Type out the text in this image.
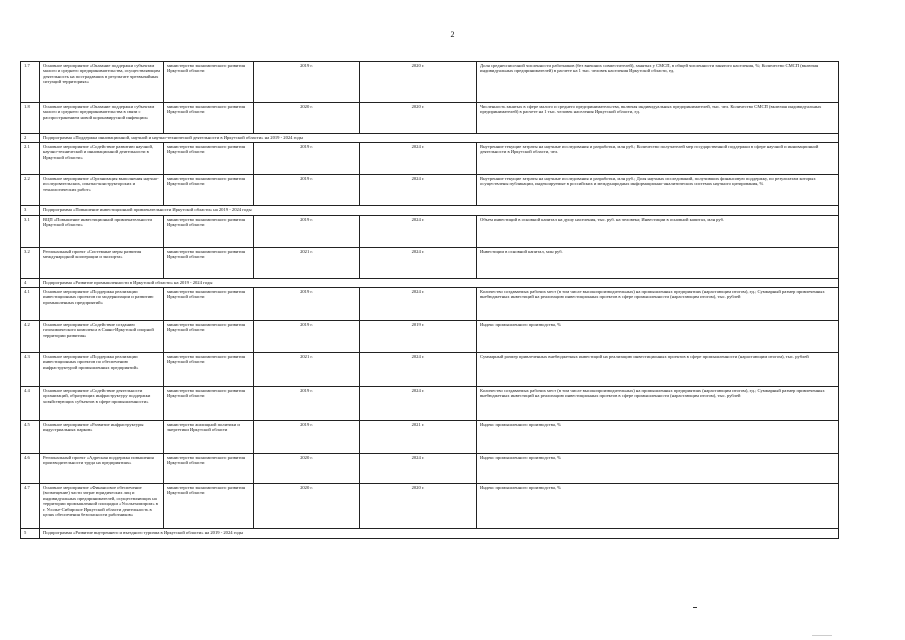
2
1.7	Основное мероприятие «Оказание поддержки субъектам малого и среднего предпринимательства, осуществляющим деятельность на пострадавших в результате чрезвычайных ситуаций территориях»	министерство экономического развития Иркутской области	2019 г.	2020 г.	Доля среднесписочной численности работников (без внешних совместителей), занятых у СМСП, в общей численности занятого населения, %; Количество СМСП (включая индивидуальных предпринимателей) в расчете на 1 тыс. человек населения Иркутской области, ед.
1.8	Основное мероприятие «Оказание поддержки субъектам малого и среднего предпринимательства в связи с распространением новой коронавирусной инфекции»	министерство экономического развития Иркутской области	2020 г.	2020 г.	Численность занятых в сфере малого и среднего предпринимательства, включая индивидуальных предпринимателей, тыс. чел. Количество СМСП (включая индивидуальных предпринимателей) в расчете на 1 тыс. человек населения Иркутской области, ед.
2	Подпрограмма «Поддержка инновационной, научной и научно-технической деятельности в Иркутской области» на 2019 - 2024 годы				
2.1	Основное мероприятие «Содействие развитию научной, научно-технической и инновационной деятельности в Иркутской области»	министерство экономического развития Иркутской области	2019 г.	2024 г.	Внутренние текущие затраты на научные исследования и разработки, млн руб.; Количество получателей мер государственной поддержки в сфере научной и инновационной деятельности в Иркутской области, чел.
2.2	Основное мероприятие «Организация выполнения научно-исследовательских, опытно-конструкторских и технологических работ»	министерство экономического развития Иркутской области	2019 г.	2024 г.	Внутренние текущие затраты на научные исследования и разработки, млн руб.; Доля научных исследований, получивших финансовую поддержку, по результатам которых осуществлены публикации, индексируемые в российских и международных информационно-аналитических системах научного цитирования, %
3	Подпрограмма «Повышение инвестиционной привлекательности Иркутской области» на 2019 - 2024 годы				
3.1	ВЦП «Повышение инвестиционной привлекательности Иркутской области»	министерство экономического развития Иркутской области	2019 г.	2024 г.	Объем инвестиций в основной капитал на душу населения, тыс. руб. на человека; Инвестиции в основной капитал, млн руб.
3.2	Региональный проект «Системные меры развития международной кооперации и экспорта»	министерство экономического развития Иркутской области	2021 г.	2024 г.	Инвестиции в основной капитал, млн руб.
4	Подпрограмма «Развитие промышленности в Иркутской области» на 2019 - 2024 годы				
4.1	Основное мероприятие «Поддержка реализации инвестиционных проектов по модернизации и развитию промышленных предприятий»	министерство экономического развития Иркутской области	2019 г.	2024 г.	Количество создаваемых рабочих мест (в том числе высокопроизводительных) на промышленных предприятиях (нарастающим итогом), ед.; Суммарный размер привлеченных внебюджетных инвестиций на реализацию инвестиционных проектов в сфере промышленности (нарастающим итогом), тыс. рублей
4.2	Основное мероприятие «Содействие созданию газохимического комплекса в Саяно-Иркутской опорной территории развития»	министерство экономического развития Иркутской области	2019 г.	2019 г.	Индекс промышленного производства, %
4.3	Основное мероприятие «Поддержка реализации инвестиционных проектов по обеспечению инфраструктурой промышленных предприятий»	министерство экономического развития Иркутской области	2021 г.	2024 г.	Суммарный размер привлеченных внебюджетных инвестиций на реализацию инвестиционных проектов в сфере промышленности (нарастающим итогом), тыс. рублей
4.4	Основное мероприятие «Содействие деятельности организаций, образующих инфраструктуру поддержки хозяйствующих субъектов в сфере промышленности»	министерство экономического развития Иркутской области	2019 г.	2024 г.	Количество создаваемых рабочих мест (в том числе высокопроизводительных) на промышленных предприятиях (нарастающим итогом), ед.; Суммарный размер привлеченных внебюджетных инвестиций на реализацию инвестиционных проектов в сфере промышленности (нарастающим итогом), тыс. рублей
4.5	Основное мероприятие «Развитие инфраструктуры индустриальных парков»	министерство жилищной политики и энергетики Иркутской области	2019 г.	2021 г.	Индекс промышленного производства, %
4.6	Региональный проект «Адресная поддержка повышения производительности труда на предприятиях»	министерство экономического развития Иркутской области	2020 г.	2024 г.	Индекс промышленного производства, %
4.7	Основное мероприятие «Финансовое обеспечение (возмещение) части затрат юридических лиц и индивидуальных предпринимателей, осуществляющих на территории промышленной площадки «Усольехимпром» в г. Усолье-Сибирское Иркутской области деятельность в целях обеспечения безопасности работников»	министерство экономического развития Иркутской области	2020 г.	2020 г.	Индекс промышленного производства, %
5	Подпрограмма «Развитие внутреннего и въездного туризма в Иркутской области» на 2019 - 2024 годы				
